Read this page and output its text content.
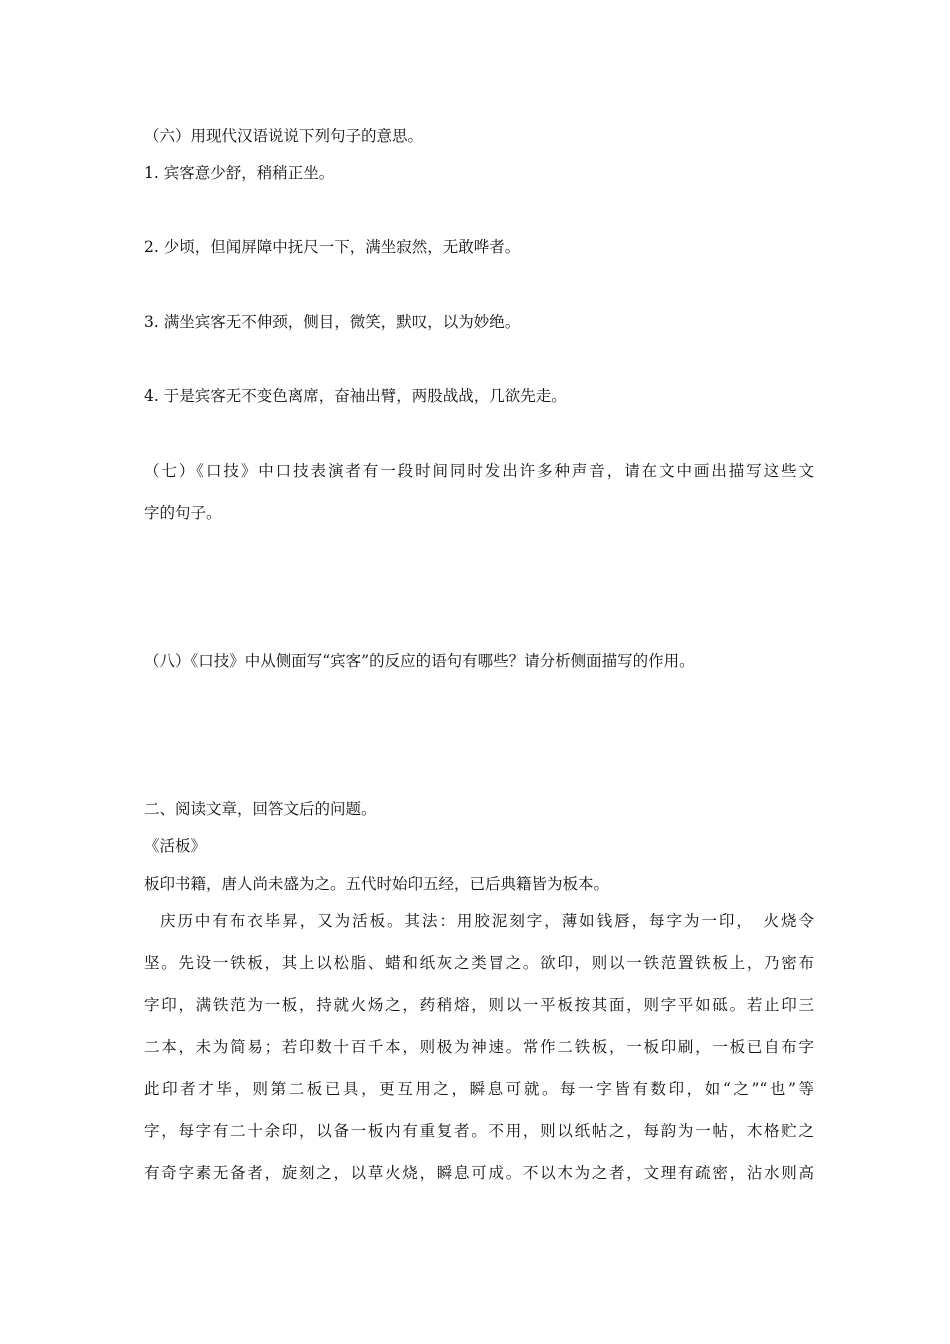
（六）用现代汉语说说下列句子的意思。
1. 宾客意少舒，稍稍正坐。
2. 少顷，但闻屏障中抚尺一下，满坐寂然，无敢哗者。
3. 满坐宾客无不伸颈，侧目，微笑，默叹，以为妙绝。
4. 于是宾客无不变色离席，奋袖出臂，两股战战，几欲先走。
（七）《口技》中口技表演者有一段时间同时发出许多种声音，请在文中画出描写这些文
字的句子。
（八）《口技》中从侧面写“宾客”的反应的语句有哪些？请分析侧面描写的作用。
二、阅读文章，回答文后的问题。
《活板》
板印书籍，唐人尚未盛为之。五代时始印五经，已后典籍皆为板本。
庆历中有布衣毕昇，又为活板。其法：用胶泥刻字，薄如钱唇，每字为一印，　火烧令
坚。先设一铁板，其上以松脂、蜡和纸灰之类冒之。欲印，则以一铁范置铁板上，乃密布
字印，满铁范为一板，持就火炀之，药稍熔，则以一平板按其面，则字平如砥。若止印三
二本，未为简易；若印数十百千本，则极为神速。常作二铁板，一板印刷，一板已自布字
此印者才毕，则第二板已具，更互用之，瞬息可就。每一字皆有数印，如“之”“也”等
字，每字有二十余印，以备一板内有重复者。不用，则以纸帖之，每韵为一帖，木格贮之
有奇字素无备者，旋刻之，以草火烧，瞬息可成。不以木为之者，文理有疏密，沾水则高
